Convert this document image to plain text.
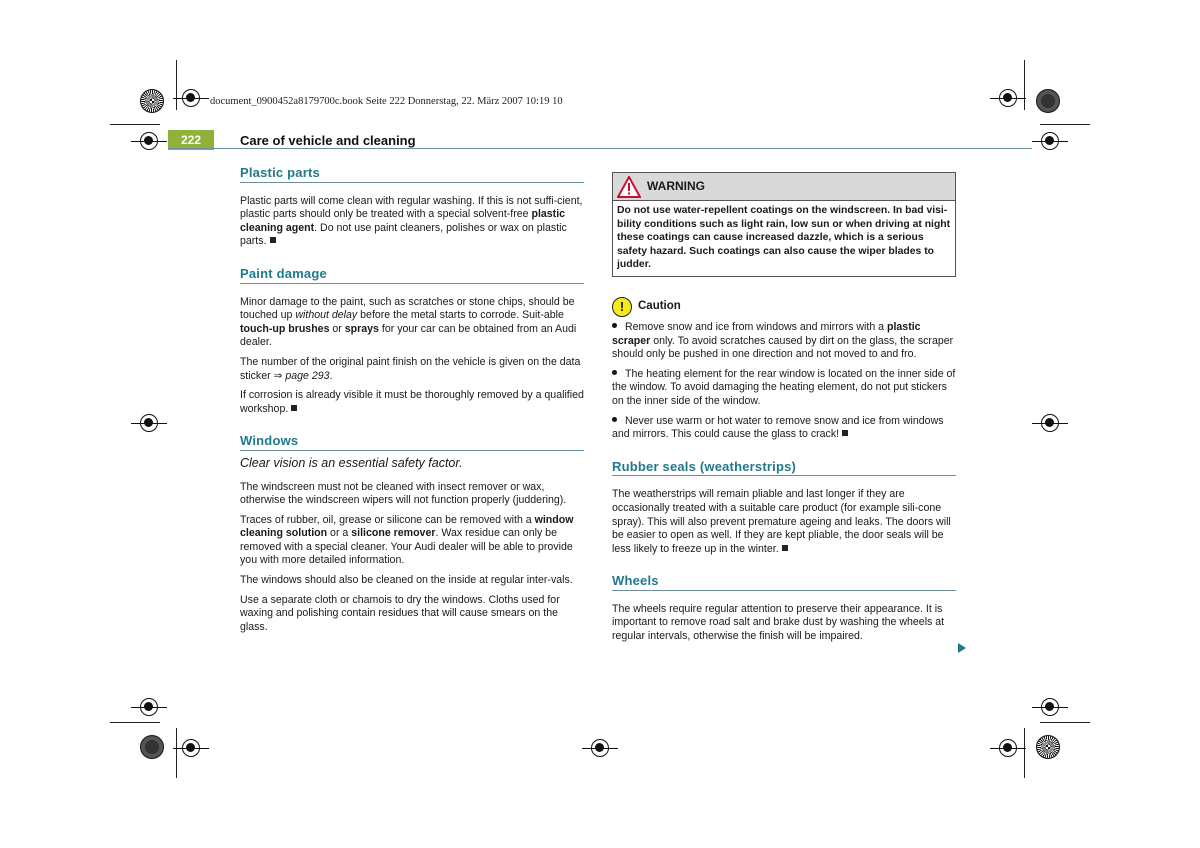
document_0900452a8179700c.book Seite 222 Donnerstag, 22. März 2007 10:19 10
222	Care of vehicle and cleaning
Plastic parts

Plastic parts will come clean with regular washing. If this is not suffi-cient, plastic parts should only be treated with a special solvent-free plastic cleaning agent. Do not use paint cleaners, polishes or wax on plastic parts.

Paint damage

Minor damage to the paint, such as scratches or stone chips, should be touched up without delay before the metal starts to corrode. Suit-able touch-up brushes or sprays for your car can be obtained from an Audi dealer.

The number of the original paint finish on the vehicle is given on the data sticker ⇒ page 293.

If corrosion is already visible it must be thoroughly removed by a qualified workshop.

Windows
Clear vision is an essential safety factor.

The windscreen must not be cleaned with insect remover or wax, otherwise the windscreen wipers will not function properly (juddering).

Traces of rubber, oil, grease or silicone can be removed with a window cleaning solution or a silicone remover. Wax residue can only be removed with a special cleaner. Your Audi dealer will be able to provide you with more detailed information.

The windows should also be cleaned on the inside at regular inter-vals.

Use a separate cloth or chamois to dry the windows. Cloths used for waxing and polishing contain residues that will cause smears on the glass.

WARNING
Do not use water-repellent coatings on the windscreen. In bad visi-bility conditions such as light rain, low sun or when driving at night these coatings can cause increased dazzle, which is a serious safety hazard. Such coatings can also cause the wiper blades to judder.
!	Caution
Remove snow and ice from windows and mirrors with a plastic scraper only. To avoid scratches caused by dirt on the glass, the scraper should only be pushed in one direction and not moved to and fro.
The heating element for the rear window is located on the inner side of the window. To avoid damaging the heating element, do not put stickers on the inner side of the window.
Never use warm or hot water to remove snow and ice from windows and mirrors. This could cause the glass to crack!
Rubber seals (weatherstrips)

The weatherstrips will remain pliable and last longer if they are occasionally treated with a suitable care product (for example sili-cone spray). This will also prevent premature ageing and leaks. The doors will be easier to open as well. If they are kept pliable, the door seals will be less likely to freeze up in the winter.

Wheels

The wheels require regular attention to preserve their appearance. It is important to remove road salt and brake dust by washing the wheels at regular intervals, otherwise the finish will be impaired.
